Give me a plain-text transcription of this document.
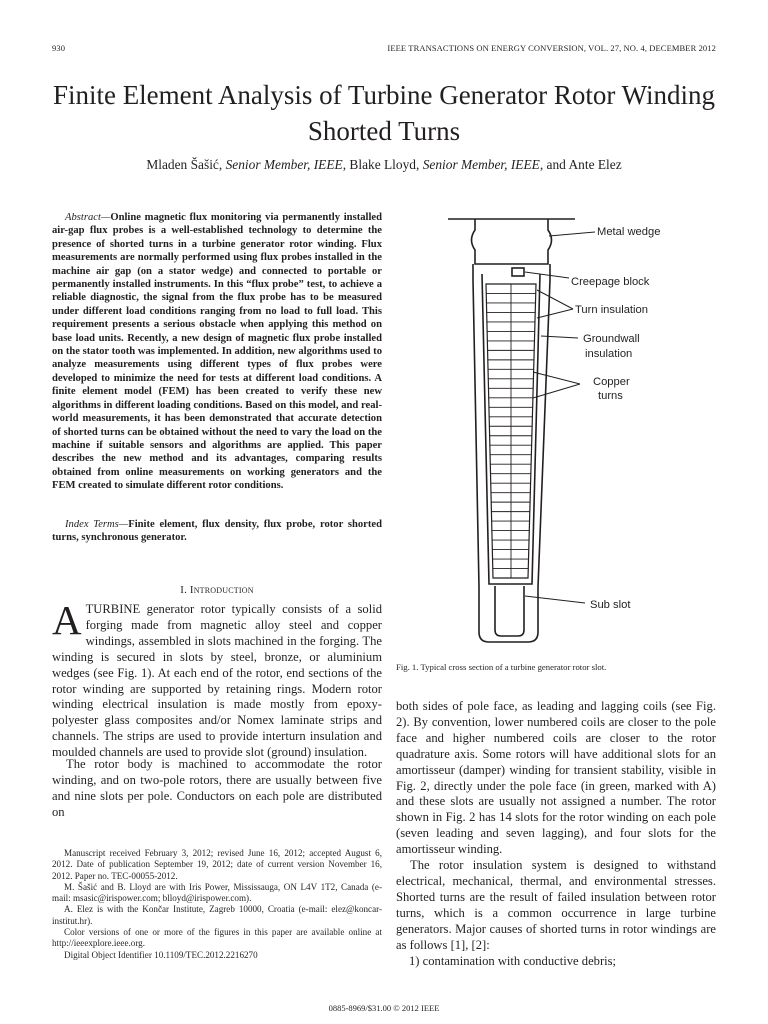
930	IEEE TRANSACTIONS ON ENERGY CONVERSION, VOL. 27, NO. 4, DECEMBER 2012
Finite Element Analysis of Turbine Generator Rotor Winding Shorted Turns
Mladen Šašić, Senior Member, IEEE, Blake Lloyd, Senior Member, IEEE, and Ante Elez
Abstract—Online magnetic flux monitoring via permanently installed air-gap flux probes is a well-established technology to determine the presence of shorted turns in a turbine generator rotor winding. Flux measurements are normally performed using flux probes installed in the machine air gap (on a stator wedge) and connected to portable or permanently installed instruments. In this “flux probe” test, to achieve a reliable diagnostic, the signal from the flux probe has to be measured under different load conditions ranging from no load to full load. This requirement presents a serious obstacle when applying this method on base load units. Recently, a new design of magnetic flux probe installed on the stator tooth was implemented. In addition, new algorithms used to analyze measurements using different types of flux probes were developed to minimize the need for tests at different load conditions. A finite element model (FEM) has been created to verify these new algorithms in different loading conditions. Based on this model, and real-world measurements, it has been demonstrated that accurate detection of shorted turns can be obtained without the need to vary the load on the machine if suitable sensors and algorithms are applied. This paper describes the new method and its advantages, comparing results obtained from online measurements on working generators and the FEM created to simulate different rotor conditions.
Index Terms—Finite element, flux density, flux probe, rotor shorted turns, synchronous generator.
I. Introduction
ATURBINE generator rotor typically consists of a solid forging made from magnetic alloy steel and copper windings, assembled in slots machined in the forging. The winding is secured in slots by steel, bronze, or aluminium wedges (see Fig. 1). At each end of the rotor, end sections of the rotor winding are supported by retaining rings. Modern rotor winding electrical insulation is made mostly from epoxy-polyester glass composites and/or Nomex laminate strips and channels. The strips are used to provide interturn insulation and moulded channels are used to provide slot (ground) insulation.
The rotor body is machined to accommodate the rotor winding, and on two-pole rotors, there are usually between five and nine slots per pole. Conductors on each pole are distributed on

Manuscript received February 3, 2012; revised June 16, 2012; accepted August 6, 2012. Date of publication September 19, 2012; date of current version November 16, 2012. Paper no. TEC-00055-2012.

M. Šašić and B. Lloyd are with Iris Power, Mississauga, ON L4V 1T2, Canada (e-mail: msasic@irispower.com; blloyd@irispower.com).

A. Elez is with the Končar Institute, Zagreb 10000, Croatia (e-mail: elez@koncar-institut.hr).

Color versions of one or more of the figures in this paper are available online at http://ieeexplore.ieee.org.

Digital Object Identifier 10.1109/TEC.2012.2216270

Metal wedge
Creepage block
Turn insulation
Groundwall
insulation
Copper
turns
Sub slot
Fig. 1. Typical cross section of a turbine generator rotor slot.

both sides of pole face, as leading and lagging coils (see Fig. 2). By convention, lower numbered coils are closer to the pole face and higher numbered coils are closer to the rotor quadrature axis. Some rotors will have additional slots for an amortisseur (damper) winding for transient stability, visible in Fig. 2, directly under the pole face (in green, marked with A) and these slots are usually not assigned a number. The rotor shown in Fig. 2 has 14 slots for the rotor winding on each pole (seven leading and seven lagging), and four slots for the amortisseur winding.

The rotor insulation system is designed to withstand electrical, mechanical, thermal, and environmental stresses. Shorted turns are the result of failed insulation between rotor turns, which is a common occurrence in large turbine generators. Major causes of shorted turns in rotor windings are as follows [1], [2]:

1) contamination with conductive debris;

0885-8969/$31.00 © 2012 IEEE
